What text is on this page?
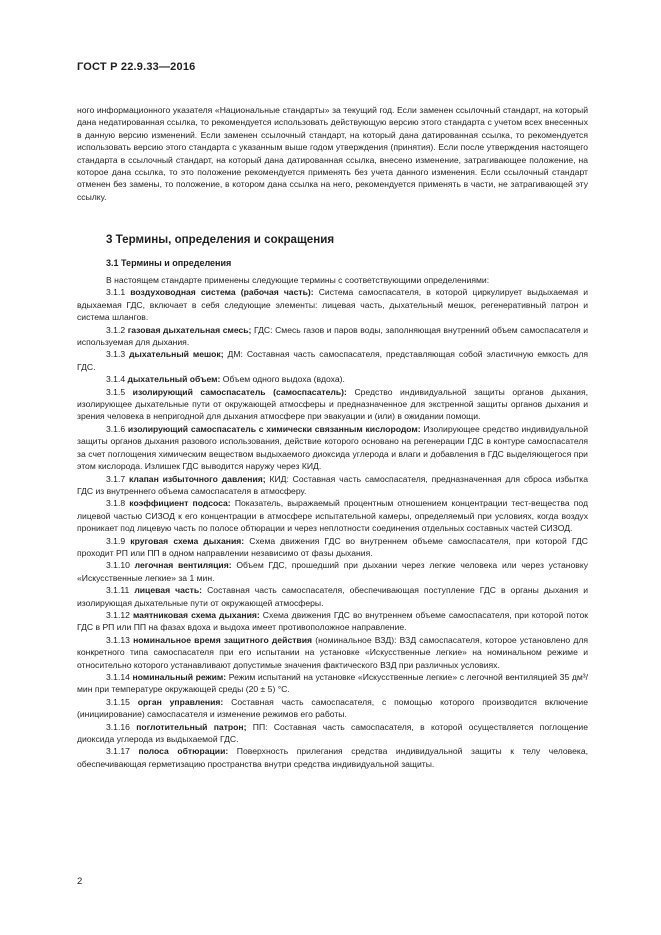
ГОСТ Р 22.9.33—2016

ного информационного указателя «Национальные стандарты» за текущий год. Если заменен ссылочный стандарт, на который дана недатированная ссылка, то рекомендуется использовать действующую версию этого стандарта с учетом всех внесенных в данную версию изменений. Если заменен ссылочный стандарт, на который дана датированная ссылка, то рекомендуется использовать версию этого стандарта с указанным выше годом утверждения (принятия). Если после утверждения настоящего стандарта в ссылочный стандарт, на который дана датированная ссылка, внесено изменение, затрагивающее положение, на которое дана ссылка, то это положение рекомендуется применять без учета данного изменения. Если ссылочный стандарт отменен без замены, то положение, в котором дана ссылка на него, рекомендуется применять в части, не затрагивающей эту ссылку.

3 Термины, определения и сокращения
3.1 Термины и определения

В настоящем стандарте применены следующие термины с соответствующими определениями:

3.1.1 воздуховодная система (рабочая часть): Система самоспасателя, в которой циркулирует выдыхаемая и вдыхаемая ГДС, включает в себя следующие элементы: лицевая часть, дыхательный мешок, регенеративный патрон и система шлангов.

3.1.2 газовая дыхательная смесь; ГДС: Смесь газов и паров воды, заполняющая внутренний объем самоспасателя и используемая для дыхания.

3.1.3 дыхательный мешок; ДМ: Составная часть самоспасателя, представляющая собой эластичную емкость для ГДС.

3.1.4 дыхательный объем: Объем одного выдоха (вдоха).

3.1.5 изолирующий самоспасатель (самоспасатель): Средство индивидуальной защиты органов дыхания, изолирующее дыхательные пути от окружающей атмосферы и предназначенное для экстренной защиты органов дыхания и зрения человека в непригодной для дыхания атмосфере при эвакуации и (или) в ожидании помощи.

3.1.6 изолирующий самоспасатель с химически связанным кислородом: Изолирующее средство индивидуальной защиты органов дыхания разового использования, действие которого основано на регенерации ГДС в контуре самоспасателя за счет поглощения химическим веществом выдыхаемого диоксида углерода и влаги и добавления в ГДС выделяющегося при этом кислорода. Излишек ГДС выводится наружу через КИД.

3.1.7 клапан избыточного давления; КИД: Составная часть самоспасателя, предназначенная для сброса избытка ГДС из внутреннего объема самоспасателя в атмосферу.

3.1.8 коэффициент подсоса: Показатель, выражаемый процентным отношением концентрации тест-вещества под лицевой частью СИЗОД к его концентрации в атмосфере испытательной камеры, определяемый при условиях, когда воздух проникает под лицевую часть по полосе обтюрации и через неплотности соединения отдельных составных частей СИЗОД.

3.1.9 круговая схема дыхания: Схема движения ГДС во внутреннем объеме самоспасателя, при которой ГДС проходит РП или ПП в одном направлении независимо от фазы дыхания.

3.1.10 легочная вентиляция: Объем ГДС, прошедший при дыхании через легкие человека или через установку «Искусственные легкие» за 1 мин.

3.1.11 лицевая часть: Составная часть самоспасателя, обеспечивающая поступление ГДС в органы дыхания и изолирующая дыхательные пути от окружающей атмосферы.

3.1.12 маятниковая схема дыхания: Схема движения ГДС во внутреннем объеме самоспасателя, при которой поток ГДС в РП или ПП на фазах вдоха и выдоха имеет противоположное направление.

3.1.13 номинальное время защитного действия (номинальное ВЗД): ВЗД самоспасателя, которое установлено для конкретного типа самоспасателя при его испытании на установке «Искусственные легкие» на номинальном режиме и относительно которого устанавливают допустимые значения фактического ВЗД при различных условиях.

3.1.14 номинальный режим: Режим испытаний на установке «Искусственные легкие» с легочной вентиляцией 35 дм³/мин при температуре окружающей среды (20 ± 5) °С.

3.1.15 орган управления: Составная часть самоспасателя, с помощью которого производится включение (инициирование) самоспасателя и изменение режимов его работы.

3.1.16 поглотительный патрон; ПП: Составная часть самоспасателя, в которой осуществляется поглощение диоксида углерода из выдыхаемой ГДС.

3.1.17 полоса обтюрации: Поверхность прилегания средства индивидуальной защиты к телу человека, обеспечивающая герметизацию пространства внутри средства индивидуальной защиты.

2
